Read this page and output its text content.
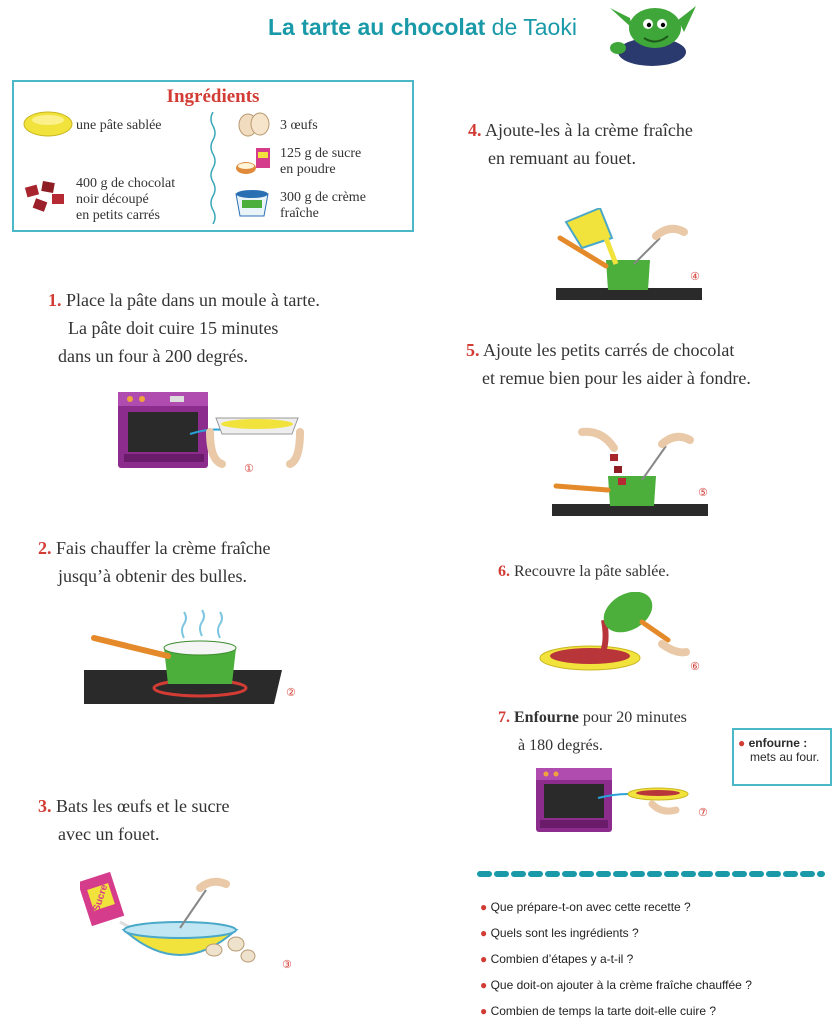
La tarte au chocolat de Taoki
Ingrédients
une pâte sablée
400 g de chocolat
noir découpé
en petits carrés
3 œufs
125 g de sucre
en poudre
300 g de crème
fraîche
1. Place la pâte dans un moule à tarte.
La pâte doit cuire 15 minutes
dans un four à 200 degrés.
①
2. Fais chauffer la crème fraîche
jusqu’à obtenir des bulles.
②
3. Bats les œufs et le sucre
avec un fouet.
Sucre
③
4. Ajoute-les à la crème fraîche
en remuant au fouet.
④
5. Ajoute les petits carrés de chocolat
et remue bien pour les aider à fondre.
⑤
6. Recouvre la pâte sablée.
⑥
7. Enfourne pour 20 minutes
à 180 degrés.
⑦
● enfourne :
mets au four.
● Que prépare-t-on avec cette recette ?
● Quels sont les ingrédients ?
● Combien d’étapes y a-t-il ?
● Que doit-on ajouter à la crème fraîche chauffée ?
● Combien de temps la tarte doit-elle cuire ?
